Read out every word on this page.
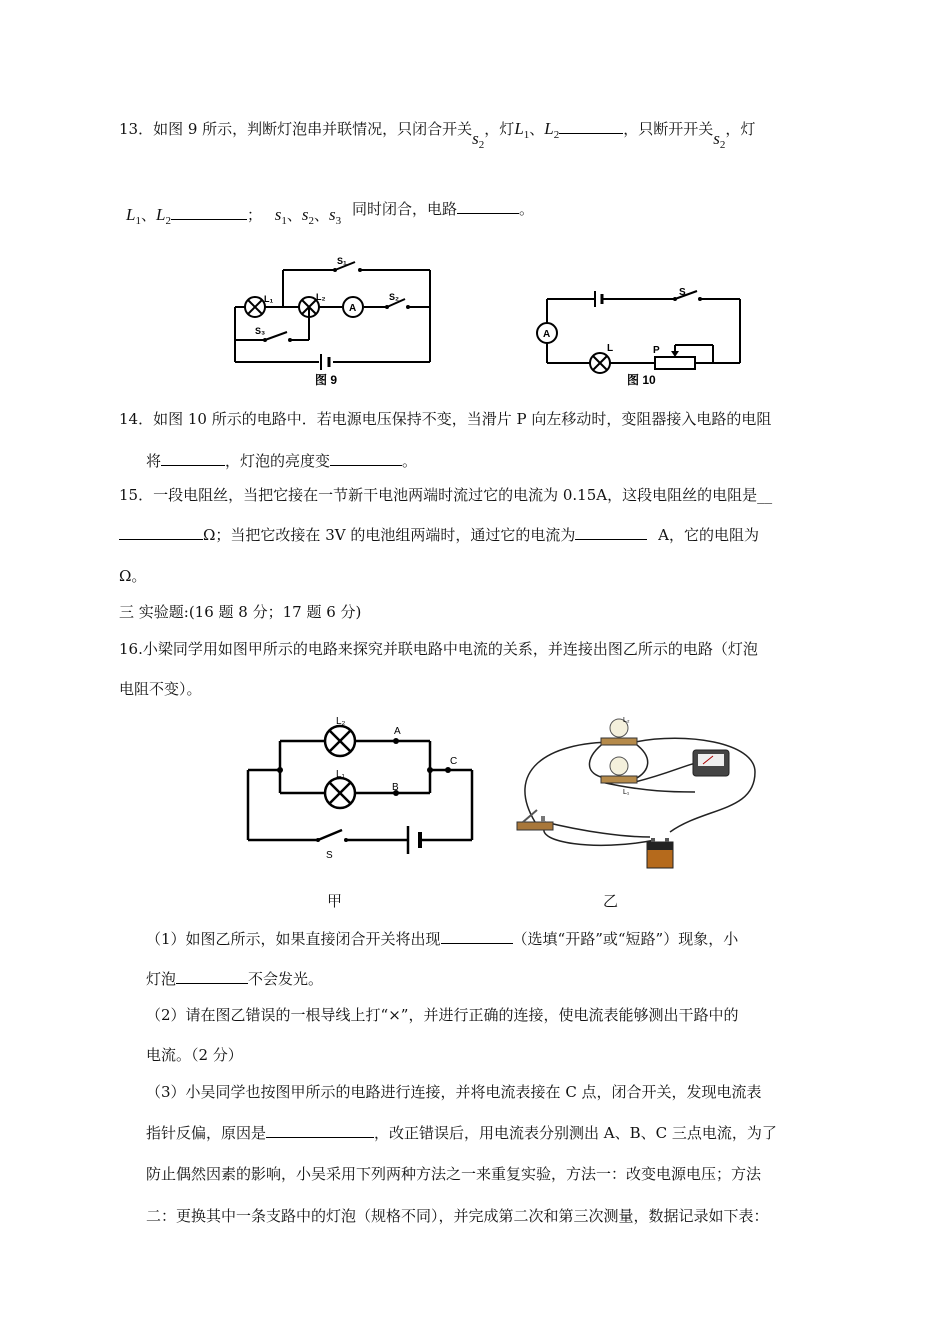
13．如图 9 所示，判断灯泡串并联情况，只闭合开关$s_2$，灯$L_1$、$L_2$	，只断开开关$s_2$，灯
$L_1$、$L_2$	； $s_1$、$s_2$、$s_3$ 同时闭合，电路	。
L₁	L₂
A
S₁
S₂
S₃
图 9
S
A
L	P
图 10
14．如图 10 所示的电路中．若电源电压保持不变，当滑片 P 向左移动时，变阻器接入电路的电阻
将	，灯泡的亮度变	。
15．一段电阻丝，当把它接在一节新干电池两端时流过它的电流为 0.15A，这段电阻丝的电阻是__
Ω；当把它改接在 3V 的电池组两端时，通过它的电流为	A，它的电阻为
Ω。
三 实验题:(16 题 8 分；17 题 6 分)
16.小梁同学用如图甲所示的电路来探究并联电路中电流的关系，并连接出图乙所示的电路（灯泡
电阻不变）。
L₂
L₁
A
B
C
S
L₂
L₁
甲	乙
（1）如图乙所示，如果直接闭合开关将出现	（选填“开路”或“短路”）现象，小
灯泡	不会发光。
（2）请在图乙错误的一根导线上打“×”，并进行正确的连接，使电流表能够测出干路中的
电流。（2 分）
（3）小吴同学也按图甲所示的电路进行连接，并将电流表接在 C 点，闭合开关，发现电流表
指针反偏，原因是	，改正错误后，用电流表分别测出 A、B、C 三点电流，为了
防止偶然因素的影响，小吴采用下列两种方法之一来重复实验，方法一：改变电源电压；方法
二：更换其中一条支路中的灯泡（规格不同），并完成第二次和第三次测量，数据记录如下表：
